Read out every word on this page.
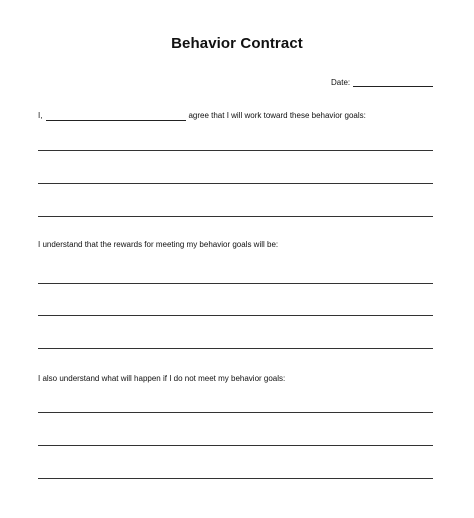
Behavior Contract
Date:
I,	agree that I will work toward these behavior goals:
I understand that the rewards for meeting my behavior goals will be:
I also understand what will happen if I do not meet my behavior goals:
